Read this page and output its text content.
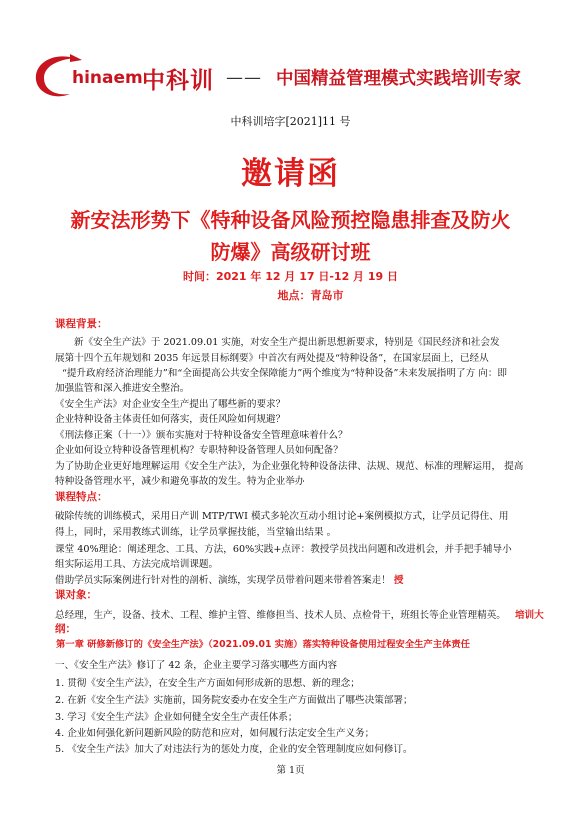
hinaem 中科训 —— 中国精益管理模式实践培训专家
中科训培字[2021]11 号
邀请函
新安法形势下《特种设备风险预控隐患排查及防火
防爆》高级研讨班
时间：2021 年 12 月 17 日-12 月 19 日
地点：青岛市
课程背景：
新《安全生产法》于 2021.09.01 实施，对安全生产提出新思想新要求，特别是《国民经济和社会发
展第十四个五年规划和 2035 年远景目标纲要》中首次有两处提及“特种设备”，在国家层面上，已经从
“提升政府经济治理能力”和“全面提高公共安全保障能力”两个维度为“特种设备”未来发展指明了方 向：即
加强监管和深入推进安全整治。
《安全生产法》对企业安全生产提出了哪些新的要求？
企业特种设备主体责任如何落实，责任风险如何规避？
《刑法修正案（十一）》颁布实施对于特种设备安全管理意味着什么？
企业如何设立特种设备管理机构？专职特种设备管理人员如何配备？
为了协助企业更好地理解运用《安全生产法》，为企业强化特种设备法律、法规、规范、标准的理解运用， 提高
特种设备管理水平，减少和避免事故的发生。特为企业举办
课程特点：
破除传统的训练模式，采用日产训 MTP/TWI 模式多轮次互动小组讨论+案例模拟方式，让学员记得住、用
得上，同时，采用教练式训练，让学员掌握技能，当堂输出结果 。
课堂 40%理论：阐述理念、工具、方法，60%实践+点评：教授学员找出问题和改进机会，并手把手辅导小
组实际运用工具、方法完成培训课题。
借助学员实际案例进行针对性的剖析、演练，实现学员带着问题来带着答案走！ 授
课对象：
总经理，生产，设备、技术、工程、维护主管、维修担当、技术人员、点检骨干，班组长等企业管理精英。 培训大
纲：
第一章 研修新修订的《安全生产法》（2021.09.01 实施）落实特种设备使用过程安全生产主体责任
一、《安全生产法》修订了 42 条，企业主要学习落实哪些方面内容
1. 贯彻《安全生产法》，在安全生产方面如何形成新的思想、新的理念；
2. 在新《安全生产法》实施前，国务院安委办在安全生产方面做出了哪些决策部署；
3. 学习《安全生产法》企业如何健全安全生产责任体系；
4. 企业如何强化新问题新风险的防范和应对，如何履行法定安全生产义务；
5. 《安全生产法》加大了对违法行为的惩处力度，企业的安全管理制度应如何修订。
第 1页
